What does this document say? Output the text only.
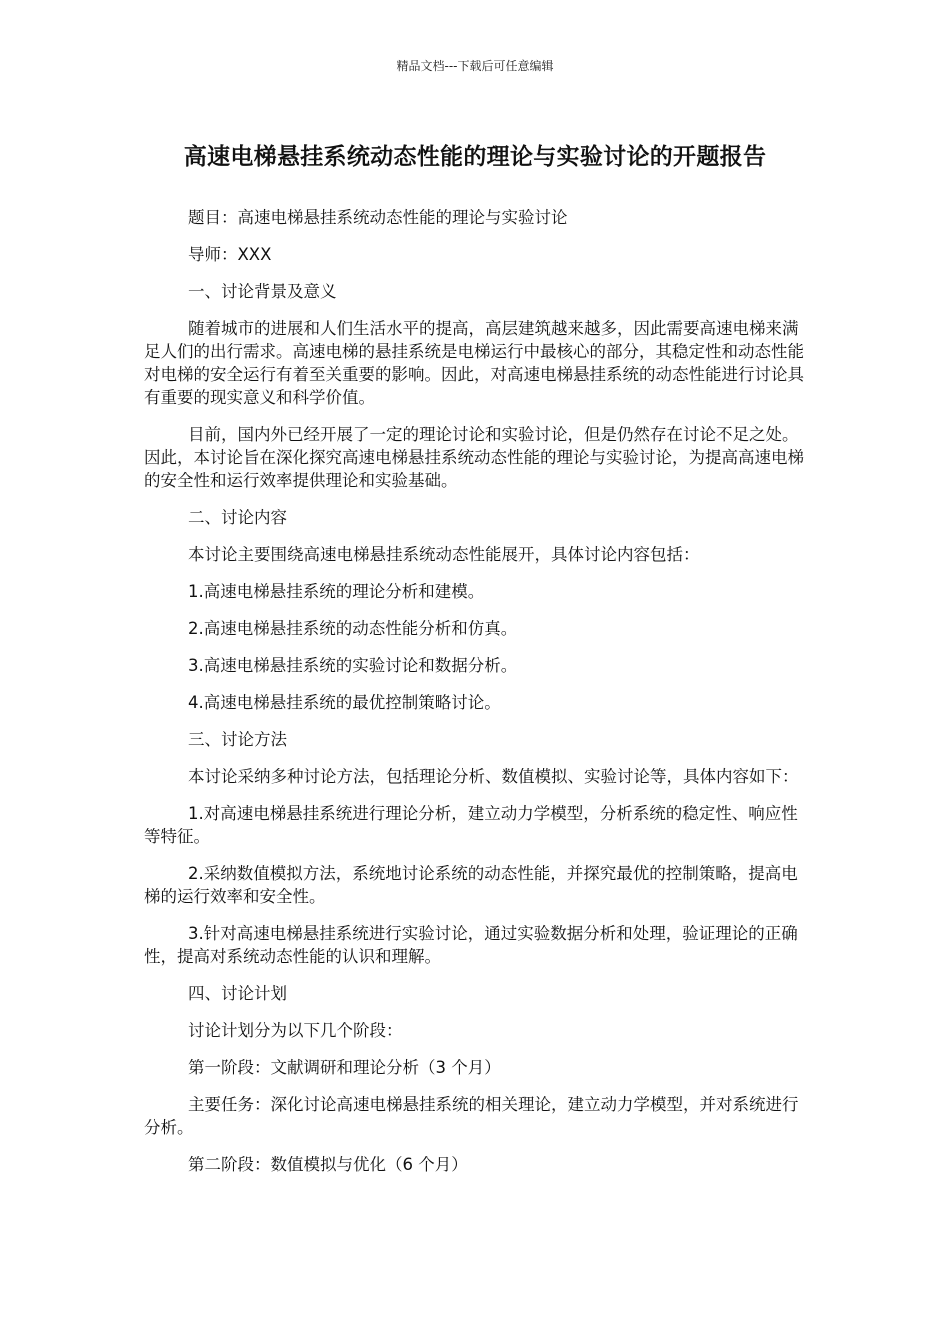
精品文档---下载后可任意编辑
高速电梯悬挂系统动态性能的理论与实验讨论的开题报告

题目：高速电梯悬挂系统动态性能的理论与实验讨论

导师：XXX

一、讨论背景及意义

随着城市的进展和人们生活水平的提高，高层建筑越来越多，因此需要高速电梯来满足人们的出行需求。高速电梯的悬挂系统是电梯运行中最核心的部分，其稳定性和动态性能对电梯的安全运行有着至关重要的影响。因此，对高速电梯悬挂系统的动态性能进行讨论具有重要的现实意义和科学价值。

目前，国内外已经开展了一定的理论讨论和实验讨论，但是仍然存在讨论不足之处。因此，本讨论旨在深化探究高速电梯悬挂系统动态性能的理论与实验讨论，为提高高速电梯的安全性和运行效率提供理论和实验基础。

二、讨论内容

本讨论主要围绕高速电梯悬挂系统动态性能展开，具体讨论内容包括：

1.高速电梯悬挂系统的理论分析和建模。

2.高速电梯悬挂系统的动态性能分析和仿真。

3.高速电梯悬挂系统的实验讨论和数据分析。

4.高速电梯悬挂系统的最优控制策略讨论。

三、讨论方法

本讨论采纳多种讨论方法，包括理论分析、数值模拟、实验讨论等，具体内容如下：

1.对高速电梯悬挂系统进行理论分析，建立动力学模型，分析系统的稳定性、响应性等特征。

2.采纳数值模拟方法，系统地讨论系统的动态性能，并探究最优的控制策略，提高电梯的运行效率和安全性。

3.针对高速电梯悬挂系统进行实验讨论，通过实验数据分析和处理，验证理论的正确性，提高对系统动态性能的认识和理解。

四、讨论计划

讨论计划分为以下几个阶段：

第一阶段：文献调研和理论分析（3 个月）

主要任务：深化讨论高速电梯悬挂系统的相关理论，建立动力学模型，并对系统进行分析。

第二阶段：数值模拟与优化（6 个月）
